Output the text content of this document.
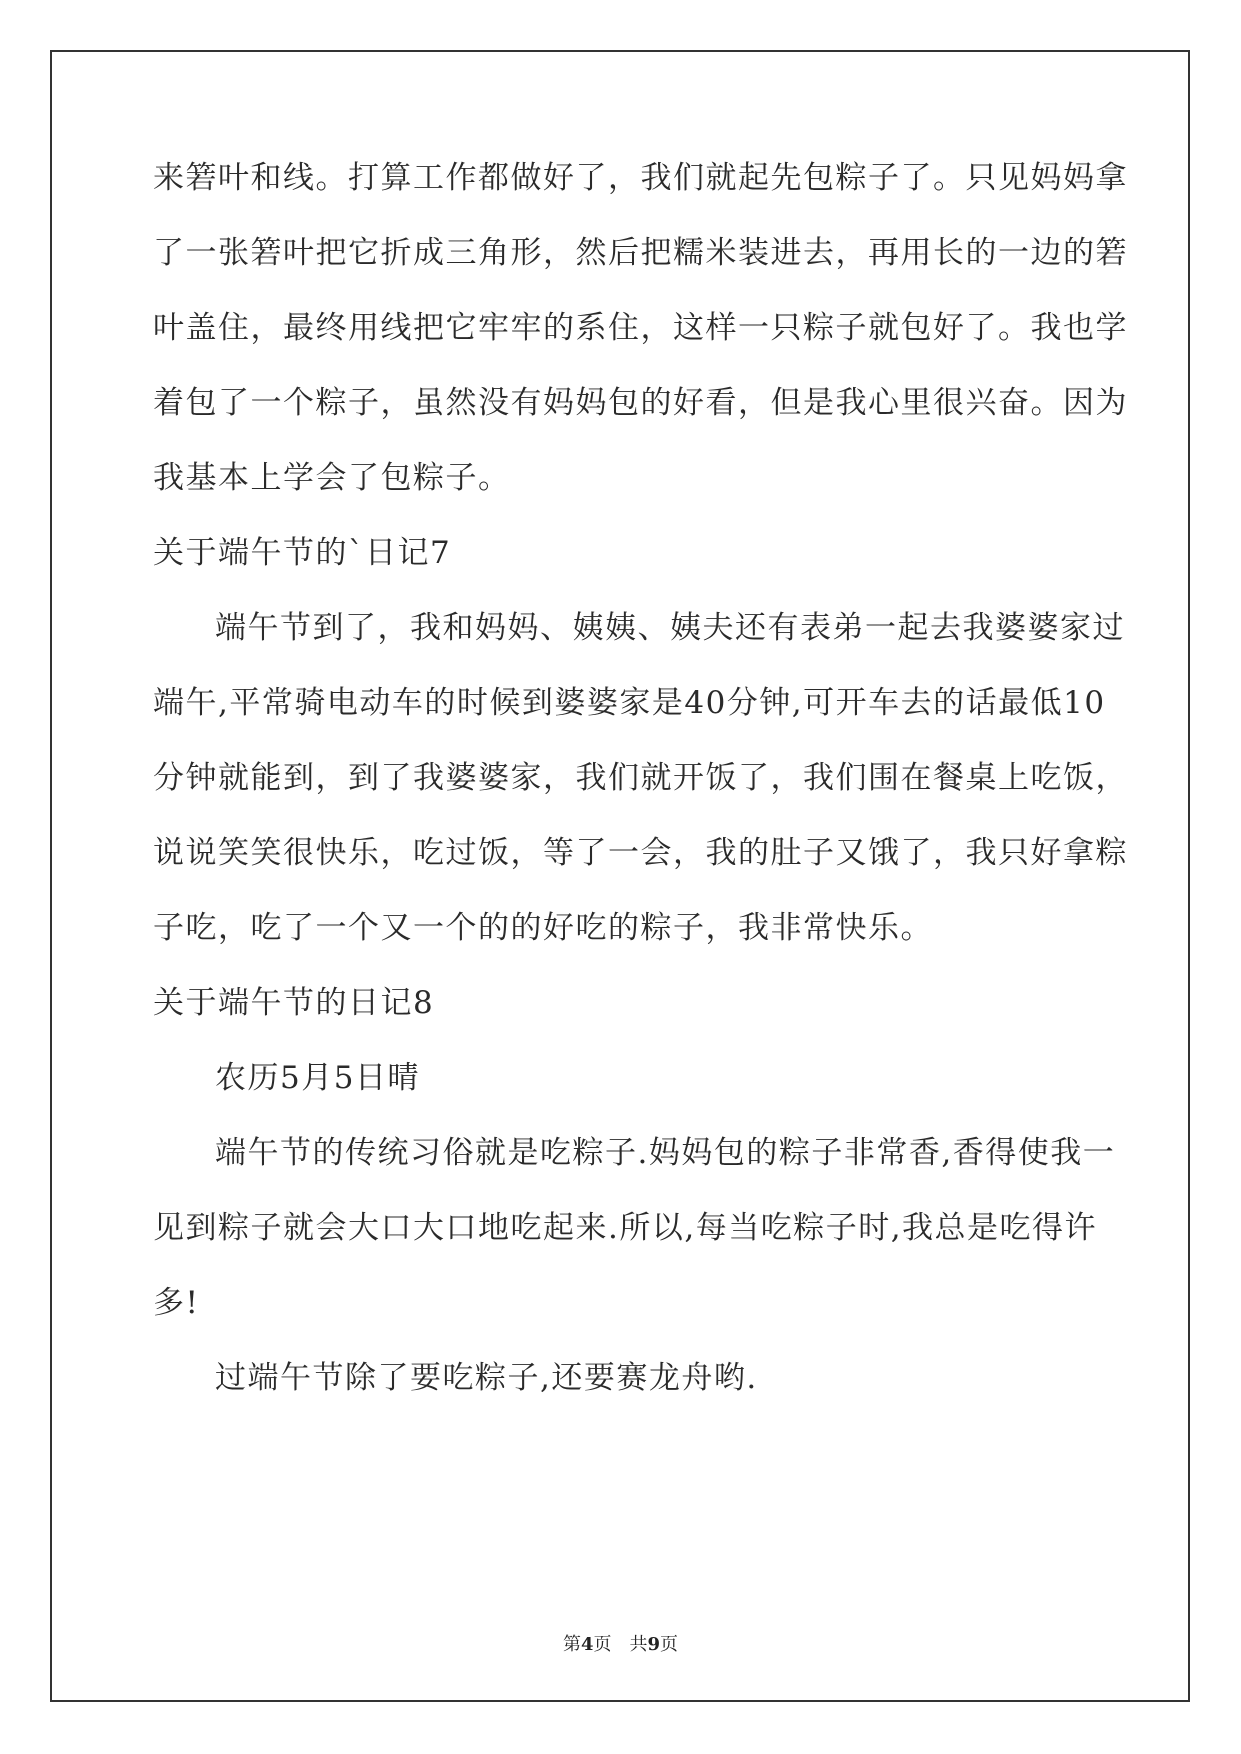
来箬叶和线。打算工作都做好了，我们就起先包粽子了。只见妈妈拿
了一张箬叶把它折成三角形，然后把糯米装进去，再用长的一边的箬
叶盖住，最终用线把它牢牢的系住，这样一只粽子就包好了。我也学
着包了一个粽子，虽然没有妈妈包的好看，但是我心里很兴奋。因为
我基本上学会了包粽子。
关于端午节的`日记7
端午节到了，我和妈妈、姨姨、姨夫还有表弟一起去我婆婆家过
端午,平常骑电动车的时候到婆婆家是40分钟,可开车去的话最低10
分钟就能到，到了我婆婆家，我们就开饭了，我们围在餐桌上吃饭，
说说笑笑很快乐，吃过饭，等了一会，我的肚子又饿了，我只好拿粽
子吃，吃了一个又一个的的好吃的粽子，我非常快乐。
关于端午节的日记8
农历5月5日晴
端午节的传统习俗就是吃粽子.妈妈包的粽子非常香,香得使我一
见到粽子就会大口大口地吃起来.所以,每当吃粽子时,我总是吃得许
多!
过端午节除了要吃粽子,还要赛龙舟哟.
第4页　共9页
